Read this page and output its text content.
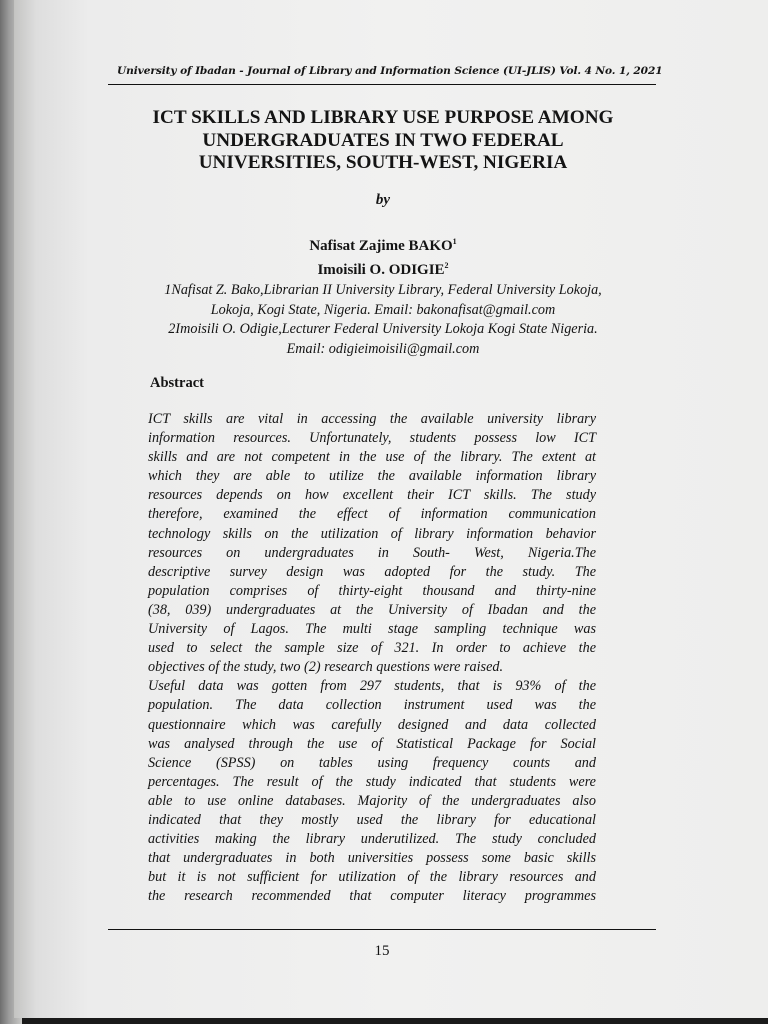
University of Ibadan - Journal of Library and Information Science (UI-JLIS) Vol. 4 No. 1, 2021
ICT SKILLS AND LIBRARY USE PURPOSE AMONG
UNDERGRADUATES IN TWO FEDERAL
UNIVERSITIES, SOUTH-WEST, NIGERIA
by
Nafisat Zajime BAKO$^1$
Imoisili O. ODIGIE$^2$
1Nafisat Z. Bako,Librarian II University Library, Federal University Lokoja,
Lokoja, Kogi State, Nigeria. Email: bakonafisat@gmail.com
2Imoisili O. Odigie,Lecturer Federal University Lokoja Kogi State Nigeria.
Email: odigieimoisili@gmail.com
Abstract
ICT skills are vital in accessing the available university library
information resources. Unfortunately, students possess low ICT
skills and are not competent in the use of the library. The extent at
which they are able to utilize the available information library
resources depends on how excellent their ICT skills. The study
therefore, examined the effect of information communication
technology skills on the utilization of library information behavior
resources on undergraduates in South- West, Nigeria.The
descriptive survey design was adopted for the study. The
population comprises of thirty-eight thousand and thirty-nine
(38, 039) undergraduates at the University of Ibadan and the
University of Lagos. The multi stage sampling technique was
used to select the sample size of 321. In order to achieve the
objectives of the study, two (2) research questions were raised.
Useful data was gotten from 297 students, that is 93% of the
population. The data collection instrument used was the
questionnaire which was carefully designed and data collected
was analysed through the use of Statistical Package for Social
Science (SPSS) on tables using frequency counts and
percentages. The result of the study indicated that students were
able to use online databases. Majority of the undergraduates also
indicated that they mostly used the library for educational
activities making the library underutilized. The study concluded
that undergraduates in both universities possess some basic skills
but it is not sufficient for utilization of the library resources and
the research recommended that computer literacy programmes
15
